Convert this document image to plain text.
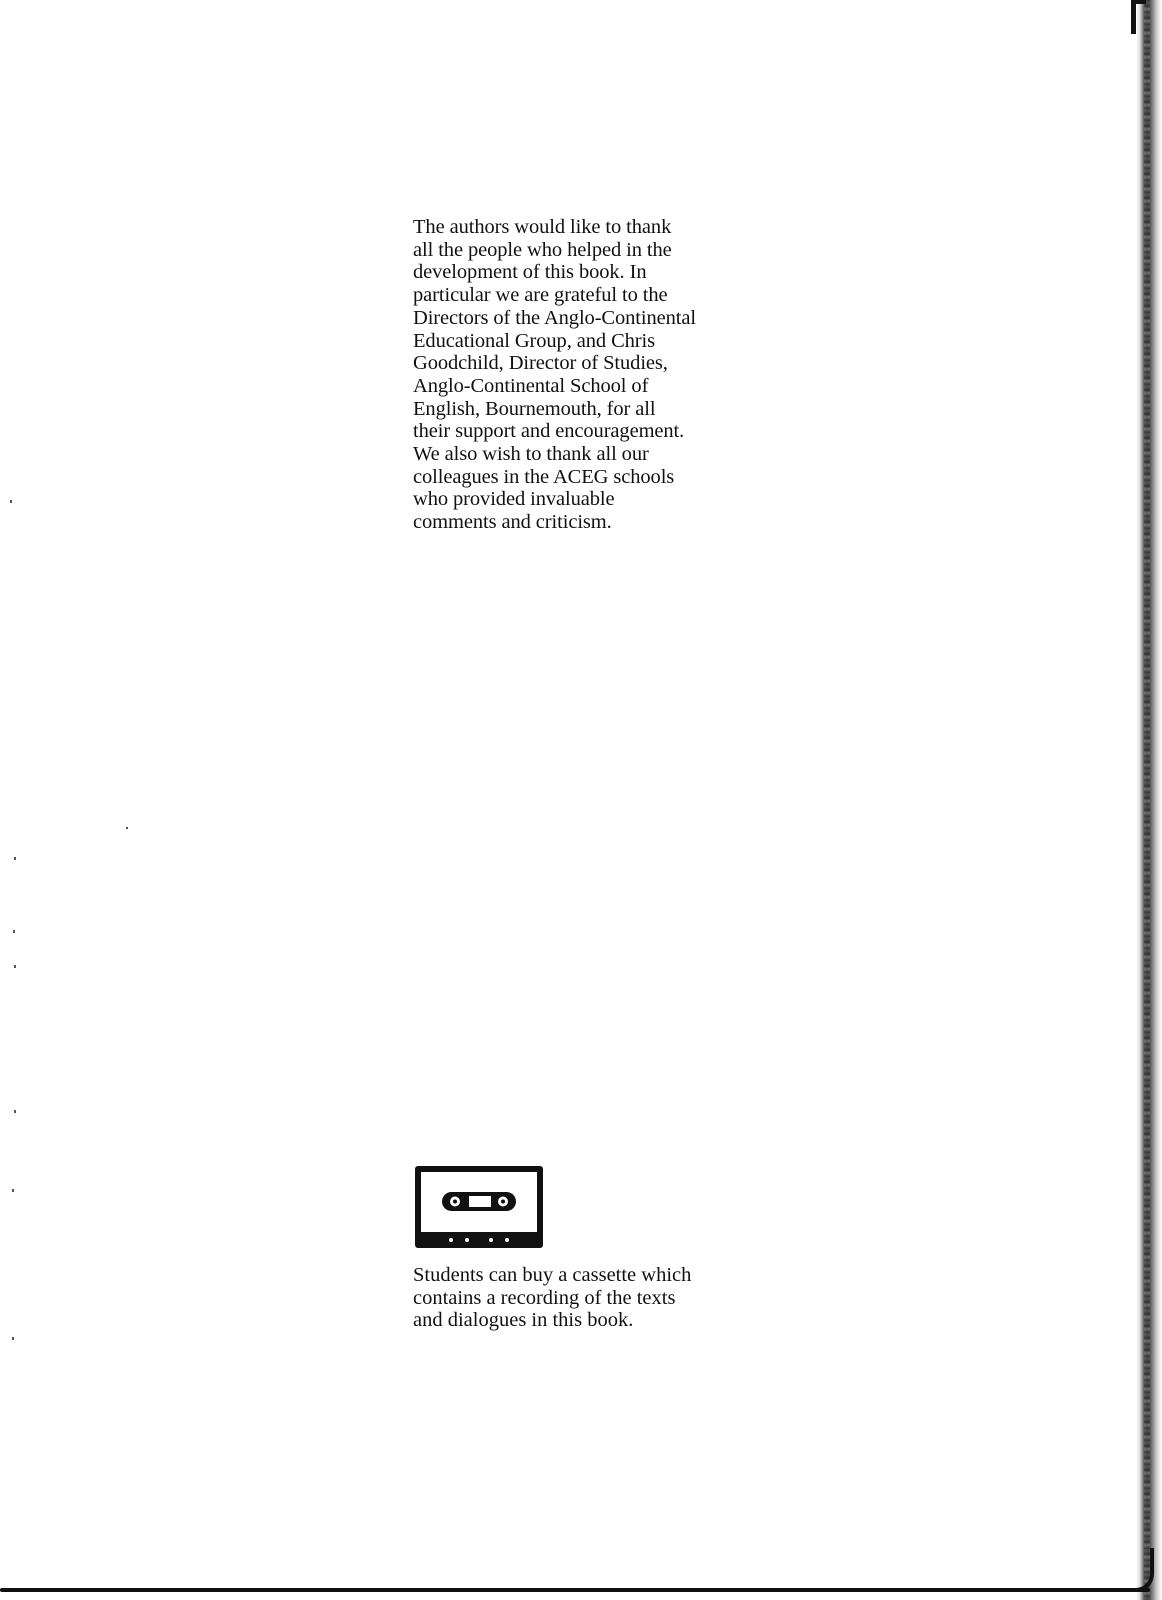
The authors would like to thank
all the people who helped in the
development of this book. In
particular we are grateful to the
Directors of the Anglo-Continental
Educational Group, and Chris
Goodchild, Director of Studies,
Anglo-Continental School of
English, Bournemouth, for all
their support and encouragement.
We also wish to thank all our
colleagues in the ACEG schools
who provided invaluable
comments and criticism.
Students can buy a cassette which
contains a recording of the texts
and dialogues in this book.
